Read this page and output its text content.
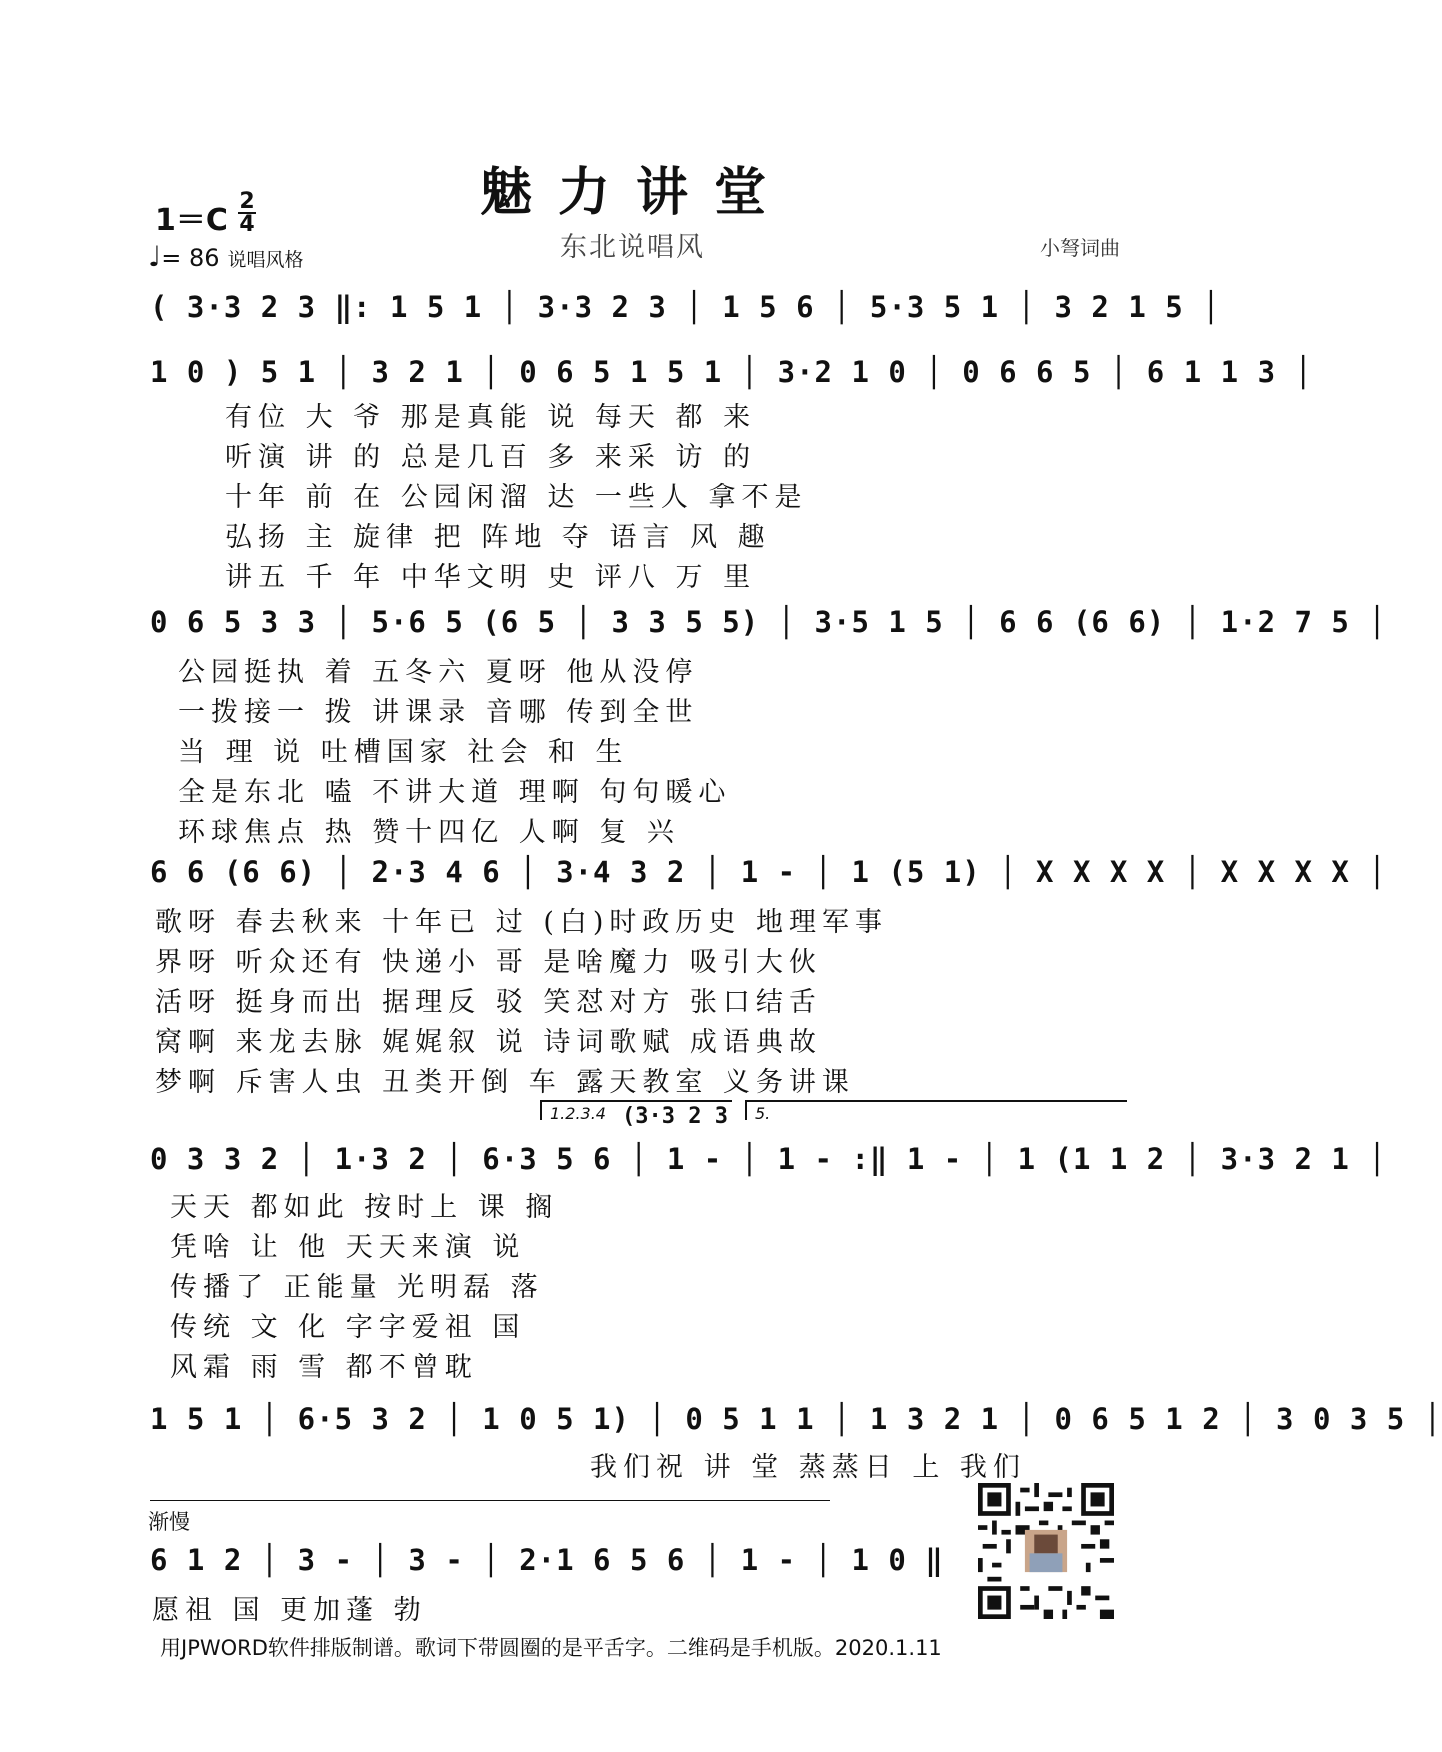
魅力讲堂
东北说唱风	小弩词曲
1＝C
2
4
♩= 86 说唱风格
( 3·3 2 3 ‖: 1 5 1 │ 3·3 2 3 │ 1 5 6 │ 5·3 5 1 │ 3 2 1 5 │
1 0 ) 5 1 │ 3 2 1 │ 0 6 5 1 5 1 │ 3·2 1 0 │ 0 6 6 5 │ 6 1 1 3 │
0 6 5 3 3 │ 5·6 5 (6 5 │ 3 3 5 5) │ 3·5 1 5 │ 6 6 (6 6) │ 1·2 7 5 │
6 6 (6 6) │ 2·3 4 6 │ 3·4 3 2 │ 1 - │ 1 (5 1) │ X X X X │ X X X X │
0 3 3 2 │ 1·3 2 │ 6·3 5 6 │ 1 - │ 1 - :‖ 1 - │ 1 (1 1 2 │ 3·3 2 1 │
1 5 1 │ 6·5 3 2 │ 1 0 5 1) │ 0 5 1 1 │ 1 3 2 1 │ 0 6 5 1 2 │ 3 0 3 5 │
6 1 2 │ 3 - │ 3 - │ 2·1 6 5 6 │ 1 - │ 1 0 ‖
1.2.3.4 (3·3 2 3 5.
有位 大 爷 那是真能 说 每天 都 来
听演 讲 的 总是几百 多 来采 访 的
十年 前 在 公园闲溜 达 一些人 拿不是
弘扬 主 旋律 把 阵地 夺 语言 风 趣
讲五 千 年 中华文明 史 评八 万 里
公园挺执 着 五冬六 夏呀 他从没停
一拨接一 拨 讲课录 音哪 传到全世
当 理 说 吐槽国家 社会 和 生
全是东北 嗑 不讲大道 理啊 句句暖心
环球焦点 热 赞十四亿 人啊 复 兴
歌呀 春去秋来 十年已 过 (白)时政历史 地理军事
界呀 听众还有 快递小 哥 是啥魔力 吸引大伙
活呀 挺身而出 据理反 驳 笑怼对方 张口结舌
窝啊 来龙去脉 娓娓叙 说 诗词歌赋 成语典故
梦啊 斥害人虫 丑类开倒 车 露天教室 义务讲课
天天 都如此 按时上 课 搁
凭啥 让 他 天天来演 说
传播了 正能量 光明磊 落
传统 文 化 字字爱祖 国
风霜 雨 雪 都不曾耽
我们祝 讲 堂 蒸蒸日 上 我们
渐慢
愿祖 国 更加蓬 勃
用JPWORD软件排版制谱。歌词下带圆圈的是平舌字。二维码是手机版。2020.1.11
